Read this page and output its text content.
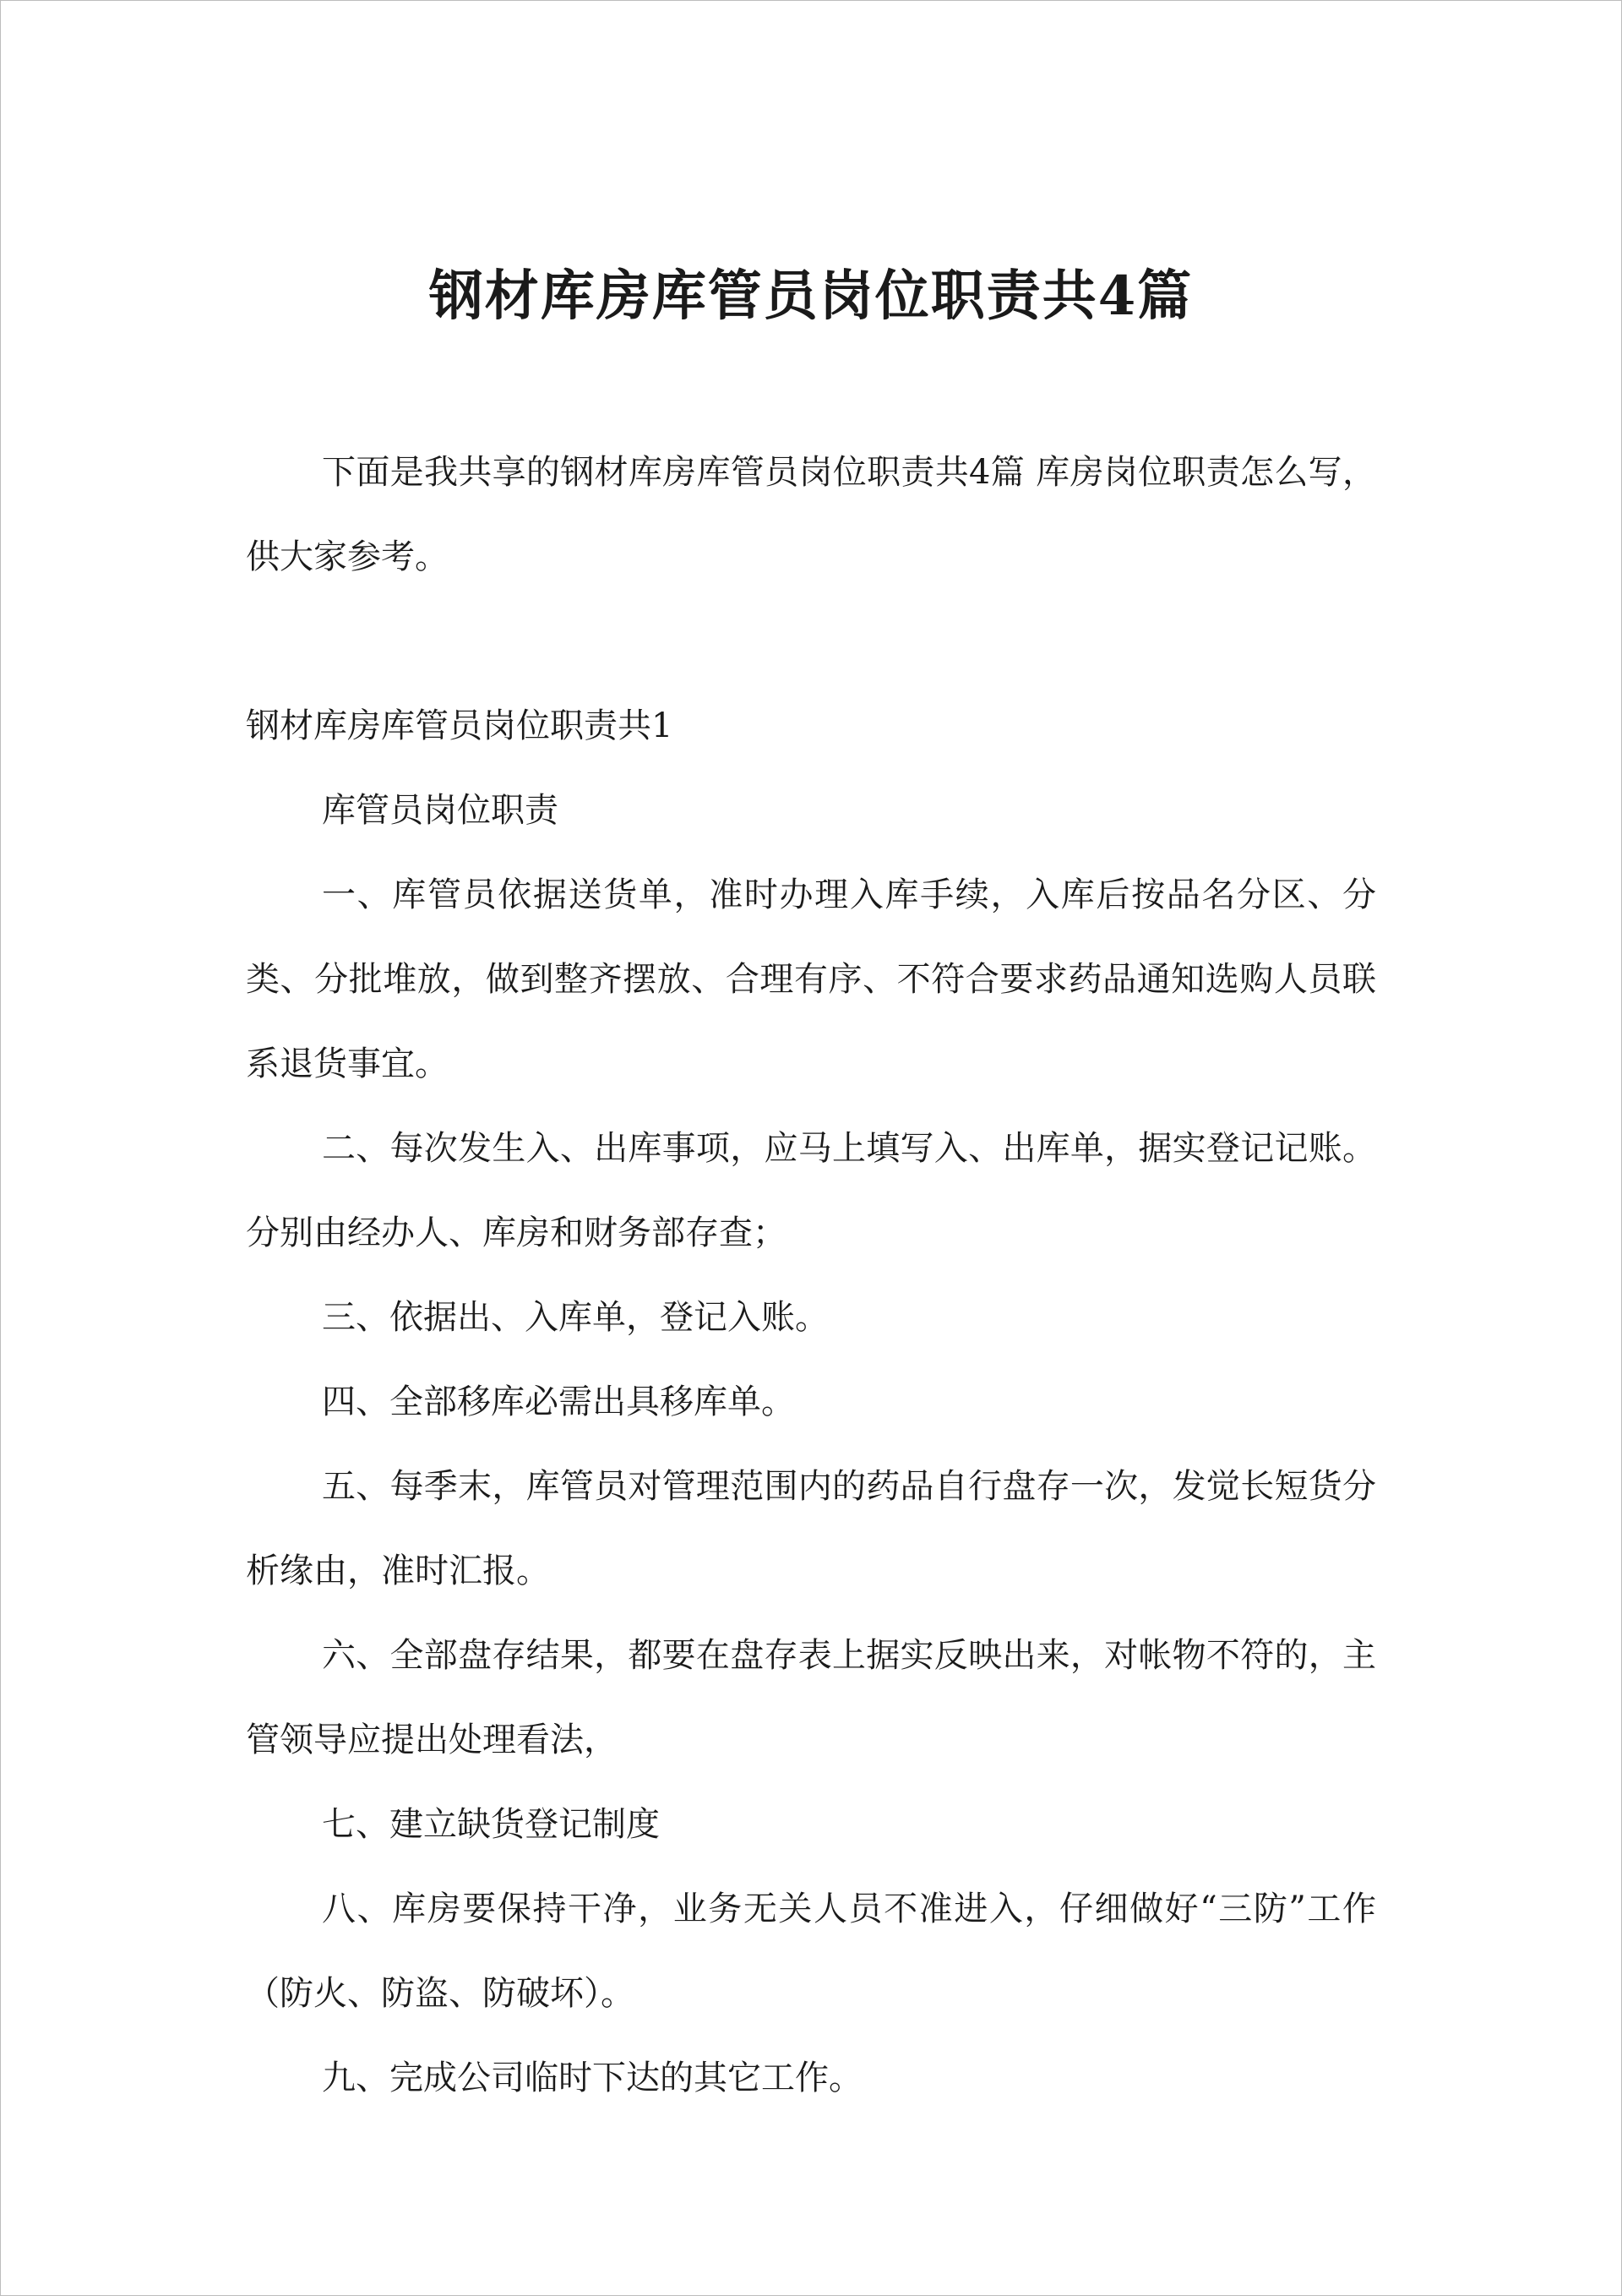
钢材库房库管员岗位职责共4篇

下面是我共享的钢材库房库管员岗位职责共4篇 库房岗位职责怎么写，供大家参考。

钢材库房库管员岗位职责共1

库管员岗位职责

一、库管员依据送货单，准时办理入库手续，入库后按品名分区、分类、分批堆放，做到整齐摆放、合理有序、不符合要求药品通知选购人员联系退货事宜。

二、每次发生入、出库事项，应马上填写入、出库单，据实登记记账。分别由经办人、库房和财务部存查；

三、依据出、入库单，登记入账。

四、全部移库必需出具移库单。

五、每季末，库管员对管理范围内的药品自行盘存一次，发觉长短货分析缘由，准时汇报。

六、全部盘存结果，都要在盘存表上据实反映出来，对帐物不符的，主管领导应提出处理看法，

七、建立缺货登记制度

八、库房要保持干净，业务无关人员不准进入，仔细做好“三防”工作（防火、防盗、防破坏）。

九、完成公司临时下达的其它工作。
